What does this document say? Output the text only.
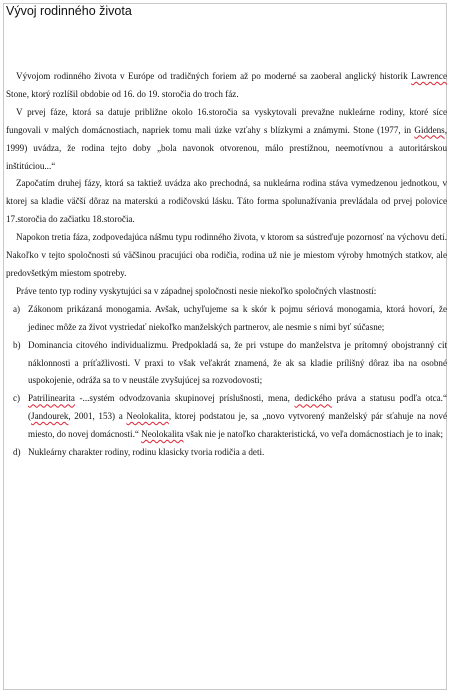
Vývoj rodinného života

Vývojom rodinného života v Európe od tradičných foriem až po moderné sa zaoberal anglický historik Lawrence Stone, ktorý rozlíšil obdobie od 16. do 19. storočia do troch fáz.

V prvej fáze, ktorá sa datuje približne okolo 16.storočia sa vyskytovali prevažne nukleárne rodiny, ktoré síce fungovali v malých domácnostiach, napriek tomu mali úzke vzťahy s blízkymi a známymi. Stone (1977, in Giddens, 1999) uvádza, že rodina tejto doby „bola navonok otvorenou, málo prestížnou, neemotívnou a autoritárskou inštitúciou...“

Započatím druhej fázy, ktorá sa taktiež uvádza ako prechodná, sa nukleárna rodina stáva vymedzenou jednotkou, v ktorej sa kladie väčší dôraz na materskú a rodičovskú lásku. Táto forma spolunažívania prevládala od prvej polovice 17.storočia do začiatku 18.storočia.

Napokon tretia fáza, zodpovedajúca nášmu typu rodinného života, v ktorom sa sústreďuje pozornosť na výchovu detí. Nakoľko v tejto spoločnosti sú väčšinou pracujúci oba rodičia, rodina už nie je miestom výroby hmotných statkov, ale predovšetkým miestom spotreby.

Práve tento typ rodiny vyskytujúci sa v západnej spoločnosti nesie niekoľko spoločných vlastností:

a) Zákonom prikázaná monogamia. Avšak, uchyľujeme sa k skór k pojmu sériová monogamia, ktorá hovorí, že jedinec môže za život vystriedať niekoľko manželských partnerov, ale nesmie s nimi byť súčasne;
b) Dominancia citového individualizmu. Predpokladá sa, že pri vstupe do manželstva je prítomný obojstranný cit náklonnosti a príťažlivosti. V praxi to však veľakrát znamená, že ak sa kladie prílišný dôraz iba na osobné uspokojenie, odráža sa to v neustále zvyšujúcej sa rozvodovosti;
c) Patrilinearita -...systém odvodzovania skupinovej príslušnosti, mena, dedického práva a statusu podľa otca.“ (Jandourek, 2001, 153) a Neolokalita, ktorej podstatou je, sa „novo vytvorený manželský pár sťahuje na nové miesto, do novej domácnosti.“ Neolokalita však nie je natoľko charakteristická, vo veľa domácnostiach je to inak;
d) Nukleárny charakter rodiny, rodinu klasicky tvoria rodičia a deti.
